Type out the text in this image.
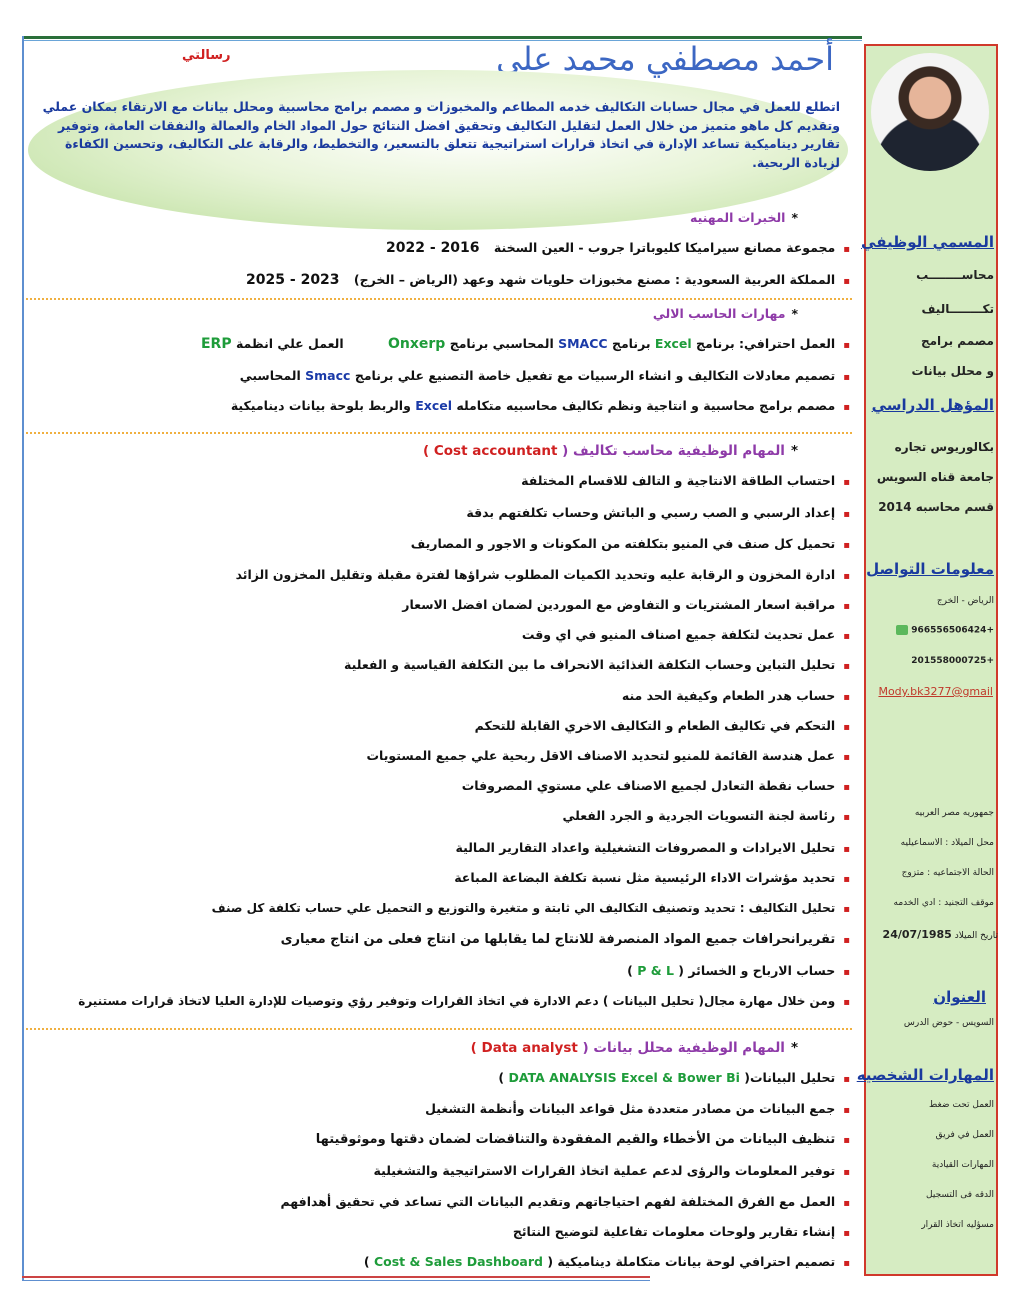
المسمي الوظيفي
محاســــــــب
تكــــــــاليف
مصمم برامج
و محلل بيانات
المؤهل الدراسي
بكالوريوس تجاره
جامعة قناه السويس
قسم محاسبه 2014
معلومات التواصل
الرياض - الخرج
+966556506424
+201558000725
Mody.bk3277@gmail
جمهوريه مصر العربيه
محل الميلاد : الاسماعيليه
الحالة الاجتماعيه : متزوج
موقف التجنيد : ادي الخدمه
تاريخ الميلاد 24/07/1985
العنوان
السويس - حوض الدرس
المهارات الشخصيه
العمل تحت ضغط
العمل في فريق
المهارات القيادية
الدقه فى التسجيل
مسؤليه اتخاذ القرار
أحمد مصطفي محمد علي
رسالتي
اتطلع للعمل في مجال حسابات التكاليف خدمه المطاعم والمخبوزات و مصمم برامج محاسبية ومحلل بيانات مع الارتقاء بمكان عملي وتقديم كل ماهو متميز من خلال العمل لتقليل التكاليف وتحقيق افضل النتائج حول المواد الخام والعمالة والنفقات العامة، وتوفير تقارير ديناميكية تساعد الإدارة في اتخاذ قرارات استراتيجية تتعلق بالتسعير، والتخطيط، والرقابة على التكاليف، وتحسين الكفاءة لزيادة الربحية.
*الخبرات المهنيه
▪مجموعة مصانع سيراميكا كليوباترا جروب - العين السخنة 2016 - 2022
▪المملكة العربية السعودية : مصنع مخبوزات حلويات شهد وعهد (الرياض – الخرج) 2023 - 2025
*مهارات الحاسب الالي
▪العمل احترافي: برنامج Excel برنامج SMACC المحاسبي برنامج Onxerp العمل علي انظمة ERP
▪تصميم معادلات التكاليف و انشاء الرسبيات مع تفعيل خاصة التصنيع علي برنامج Smacc المحاسبي
▪مصمم برامج محاسبية و انتاجية ونظم تكاليف محاسبيه متكامله Excel والربط بلوحة بيانات ديناميكية
*المهام الوظيفية محاسب تكاليف ( Cost accountant )
▪احتساب الطاقة الانتاجية و التالف للاقسام المختلفة
▪إعداد الرسبي و الصب رسبي و الباتش وحساب تكلفتهم بدقة
▪تحميل كل صنف في المنيو بتكلفته من المكونات و الاجور و المصاريف
▪ادارة المخزون و الرقابة عليه وتحديد الكميات المطلوب شراؤها لفترة مقبلة وتقليل المخزون الزائد
▪مراقبة اسعار المشتريات و التفاوض مع الموردين لضمان افضل الاسعار
▪عمل تحديث لتكلفة جميع اصناف المنيو في اي وقت
▪تحليل التباين وحساب التكلفة الغذائية الانحراف ما بين التكلفة القياسية و الفعلية
▪حساب هدر الطعام وكيفية الحد منه
▪التحكم في تكاليف الطعام و التكاليف الاخري القابلة للتحكم
▪عمل هندسة القائمة للمنيو لتحديد الاصناف الاقل ربحية علي جميع المستويات
▪حساب نقطة التعادل لجميع الاصناف علي مستوي المصروفات
▪رئاسة لجنة التسويات الجردية و الجرد الفعلي
▪تحليل الايرادات و المصروفات التشغيلية واعداد التقارير المالية
▪تحديد مؤشرات الاداء الرئيسية مثل نسبة تكلفة البضاعة المباعة
▪تحليل التكاليف : تحديد وتصنيف التكاليف الي ثابتة و متغيرة والتوزيع و التحميل علي حساب تكلفة كل صنف
▪تقريرانحرافات جميع المواد المنصرفة للانتاج لما يقابلها من انتاج فعلى من انتاج معيارى
▪حساب الارباح و الخسائر ( P & L )
▪ومن خلال مهارة مجال( تحليل البيانات ) دعم الادارة في اتخاذ القرارات وتوفير رؤي وتوصيات للإدارة العليا لاتخاذ قرارات مستنيرة
*المهام الوظيفية محلل بيانات ( Data analyst )
▪تحليل البيانات( DATA ANALYSIS Excel & Bower Bi )
▪جمع البيانات من مصادر متعددة مثل قواعد البيانات وأنظمة التشغيل
▪تنظيف البيانات من الأخطاء والقيم المفقودة والتناقضات لضمان دقتها وموثوقيتها
▪توفير المعلومات والرؤى لدعم عملية اتخاذ القرارات الاستراتيجية والتشغيلية
▪العمل مع الفرق المختلفة لفهم احتياجاتهم وتقديم البيانات التي تساعد في تحقيق أهدافهم
▪إنشاء تقارير ولوحات معلومات تفاعلية لتوضيح النتائج
▪تصميم احترافي لوحة بيانات متكاملة ديناميكية ( Cost & Sales Dashboard )
